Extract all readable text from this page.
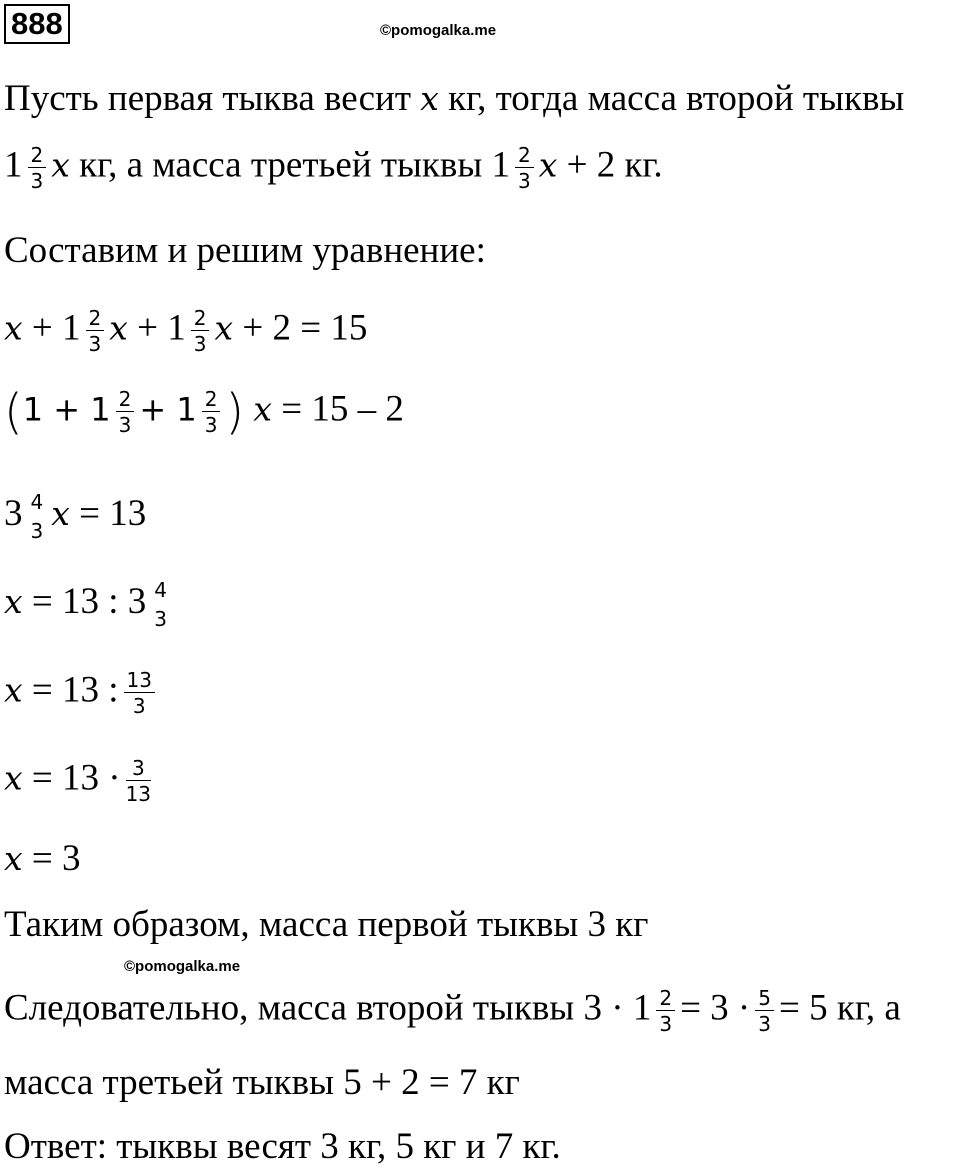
888	©pomogalka.me
Пусть первая тыква весит x кг, тогда масса второй тыквы
$1 \frac{2}{3}$ x кг, а масса третьей тыквы $1 \frac{2}{3}$ x + 2 кг.
Составим и решим уравнение:
$x + 1 \frac{2}{3}$ $x + 1 \frac{2}{3}$ x + 2 = 15
($1 + 1 \frac{2}{3} + 1 \frac{2}{3}$ ) x = 15 – 2
3 4
3 x = 13
x = 13 : 3 4
3
x = 13 : $\frac{13}{3}$
$x = 13 \cdot \frac{3}{13}$
x = 3
Таким образом, масса первой тыквы 3 кг
©pomogalka.me
Следовательно, масса второй тыквы $3 \cdot 1 \frac{2}{3} = 3 \cdot \frac{5}{3} = 5$ кг, а
масса третьей тыквы 5 + 2 = 7 кг
Ответ: тыквы весят 3 кг, 5 кг и 7 кг.
